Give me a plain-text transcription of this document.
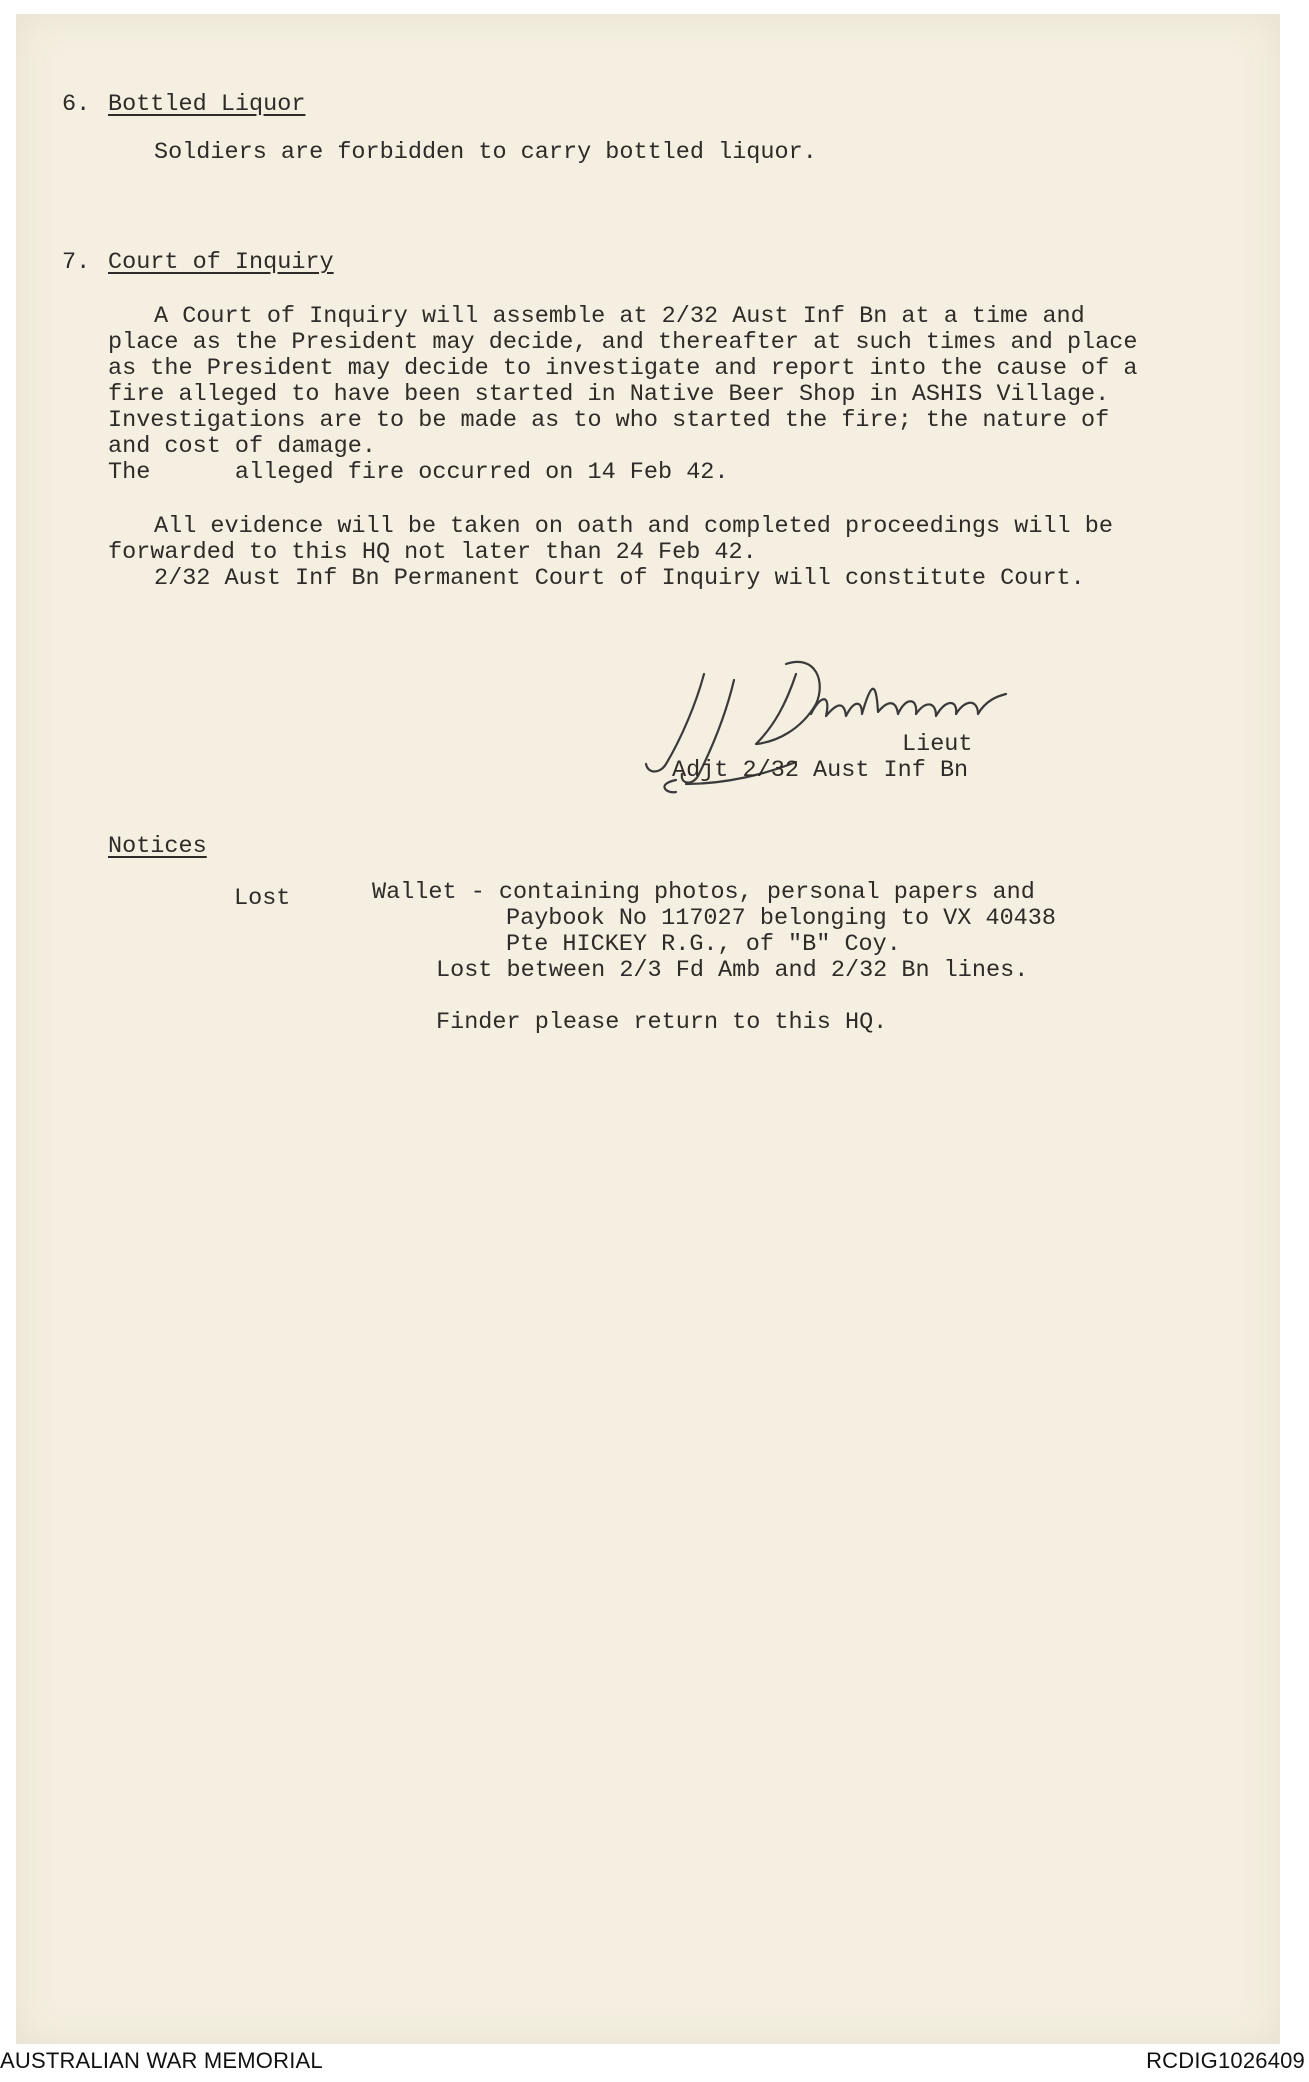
6. Bottled Liquor
Soldiers are forbidden to carry bottled liquor.
7. Court of Inquiry
A Court of Inquiry will assemble at 2/32 Aust Inf Bn at a time and
place as the President may decide, and thereafter at such times and place
as the President may decide to investigate and report into the cause of a
fire alleged to have been started in Native Beer Shop in ASHIS Village.
Investigations are to be made as to who started the fire; the nature of
and cost of damage.
The      alleged fire occurred on 14 Feb 42.
All evidence will be taken on oath and completed proceedings will be
forwarded to this HQ not later than 24 Feb 42.
2/32 Aust Inf Bn Permanent Court of Inquiry will constitute Court.
Lieut
Adjt 2/32 Aust Inf Bn
Notices
Lost	Wallet - containing photos, personal papers and
Paybook No 117027 belonging to VX 40438
Pte HICKEY R.G., of "B" Coy.
Lost between 2/3 Fd Amb and 2/32 Bn lines.
Finder please return to this HQ.
AUSTRALIAN WAR MEMORIAL	RCDIG1026409
